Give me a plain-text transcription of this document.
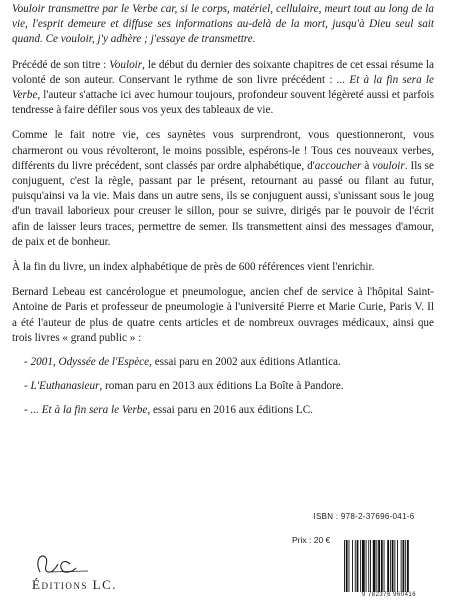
Vouloir transmettre par le Verbe car, si le corps, matériel, cellulaire, meurt tout au long de la vie, l'esprit demeure et diffuse ses informations au-delà de la mort, jusqu'à Dieu seul sait quand. Ce vouloir, j'y adhère ; j'essaye de transmettre.

Précédé de son titre : Vouloir, le début du dernier des soixante chapitres de cet essai résume la volonté de son auteur. Conservant le rythme de son livre précédent : ... Et à la fin sera le Verbe, l'auteur s'attache ici avec humour toujours, profondeur souvent légèreté aussi et parfois tendresse à faire défiler sous vos yeux des tableaux de vie.

Comme le fait notre vie, ces saynètes vous surprendront, vous questionneront, vous charmeront ou vous révolteront, le moins possible, espérons-le ! Tous ces nouveaux verbes, différents du livre précédent, sont classés par ordre alphabétique, d'accoucher à vouloir. Ils se conjuguent, c'est la règle, passant par le présent, retournant au passé ou filant au futur, puisqu'ainsi va la vie. Mais dans un autre sens, ils se conjuguent aussi, s'unissant sous le joug d'un travail laborieux pour creuser le sillon, pour se suivre, dirigés par le pouvoir de l'écrit afin de laisser leurs traces, permettre de semer. Ils transmettent ainsi des messages d'amour, de paix et de bonheur.

À la fin du livre, un index alphabétique de près de 600 références vient l'enrichir.

Bernard Lebeau est cancérologue et pneumologue, ancien chef de service à l'hôpital Saint-Antoine de Paris et professeur de pneumologie à l'université Pierre et Marie Curie, Paris V. Il a été l'auteur de plus de quatre cents articles et de nombreux ouvrages médicaux, ainsi que trois livres « grand public » :

- 2001, Odyssée de l'Espèce, essai paru en 2002 aux éditions Atlantica.

- L'Euthanasieur, roman paru en 2013 aux éditions La Boîte à Pandore.

- ... Et à la fin sera le Verbe, essai paru en 2016 aux éditions LC.

Éditions LC.
ISBN : 978-2-37696-041-6
Prix : 20 €
9 782376 960416
